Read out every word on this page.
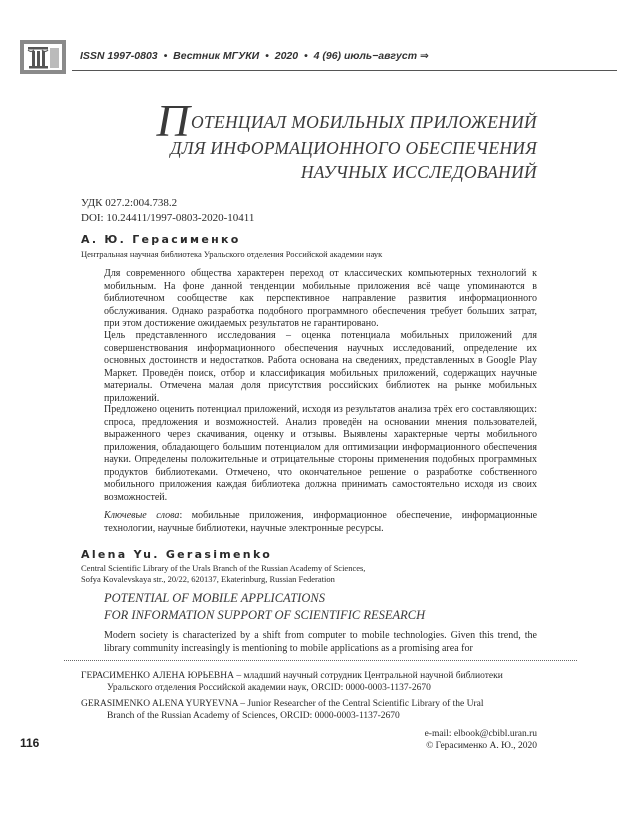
ISSN 1997-0803 • Вестник МГУКИ • 2020 • 4 (96) июль−август ⇒
ПОТЕНЦИАЛ МОБИЛЬНЫХ ПРИЛОЖЕНИЙ
ДЛЯ ИНФОРМАЦИОННОГО ОБЕСПЕЧЕНИЯ
НАУЧНЫХ ИССЛЕДОВАНИЙ
УДК 027.2:004.738.2
DOI: 10.24411/1997-0803-2020-10411
А. Ю. Герасименко
Центральная научная библиотека Уральского отделения Российской академии наук
Для современного общества характерен переход от классических компьютерных технологий к мобильным. На фоне данной тенденции мобильные приложения всё чаще упоминаются в библиотечном сообществе как перспективное направление развития информационного обслуживания. Однако разработка подобного программного обеспечения требует больших затрат, при этом достижение ожидаемых результатов не гарантировано.
Цель представленного исследования – оценка потенциала мобильных приложений для совершенствования информационного обеспечения научных исследований, определение их основных достоинств и недостатков. Работа основана на сведениях, представленных в Google Play Маркет. Проведён поиск, отбор и классификация мобильных приложений, содержащих научные материалы. Отмечена малая доля присутствия российских библиотек на рынке мобильных приложений.
Предложено оценить потенциал приложений, исходя из результатов анализа трёх его составляющих: спроса, предложения и возможностей. Анализ проведён на основании мнения пользователей, выраженного через скачивания, оценку и отзывы. Выявлены характерные черты мобильного приложения, обладающего большим потенциалом для оптимизации информационного обеспечения науки. Определены положительные и отрицательные стороны применения подобных программных продуктов библиотеками. Отмечено, что окончательное решение о разработке собственного мобильного приложения каждая библиотека должна принимать самостоятельно исходя из своих возможностей.
Ключевые слова: мобильные приложения, информационное обеспечение, информационные технологии, научные библиотеки, научные электронные ресурсы.
Alena Yu. Gerasimenko
Central Scientific Library of the Urals Branch of the Russian Academy of Sciences,
Sofya Kovalevskaya str., 20/22, 620137, Ekaterinburg, Russian Federation
POTENTIAL OF MOBILE APPLICATIONS
FOR INFORMATION SUPPORT OF SCIENTIFIC RESEARCH
Modern society is characterized by a shift from computer to mobile technologies. Given this trend, the library community increasingly is mentioning to mobile applications as a promising area for
ГЕРАСИМЕНКО АЛЕНА ЮРЬЕВНА – младший научный сотрудник Центральной научной библиотеки
Уральского отделения Российской академии наук, ORCID: 0000-0003-1137-2670
GERASIMENKO ALENA YURYEVNA – Junior Researcher of the Central Scientific Library of the Ural
Branch of the Russian Academy of Sciences, ORCID: 0000-0003-1137-2670
e-mail: elbook@cbibl.uran.ru
© Герасименко А. Ю., 2020
116
